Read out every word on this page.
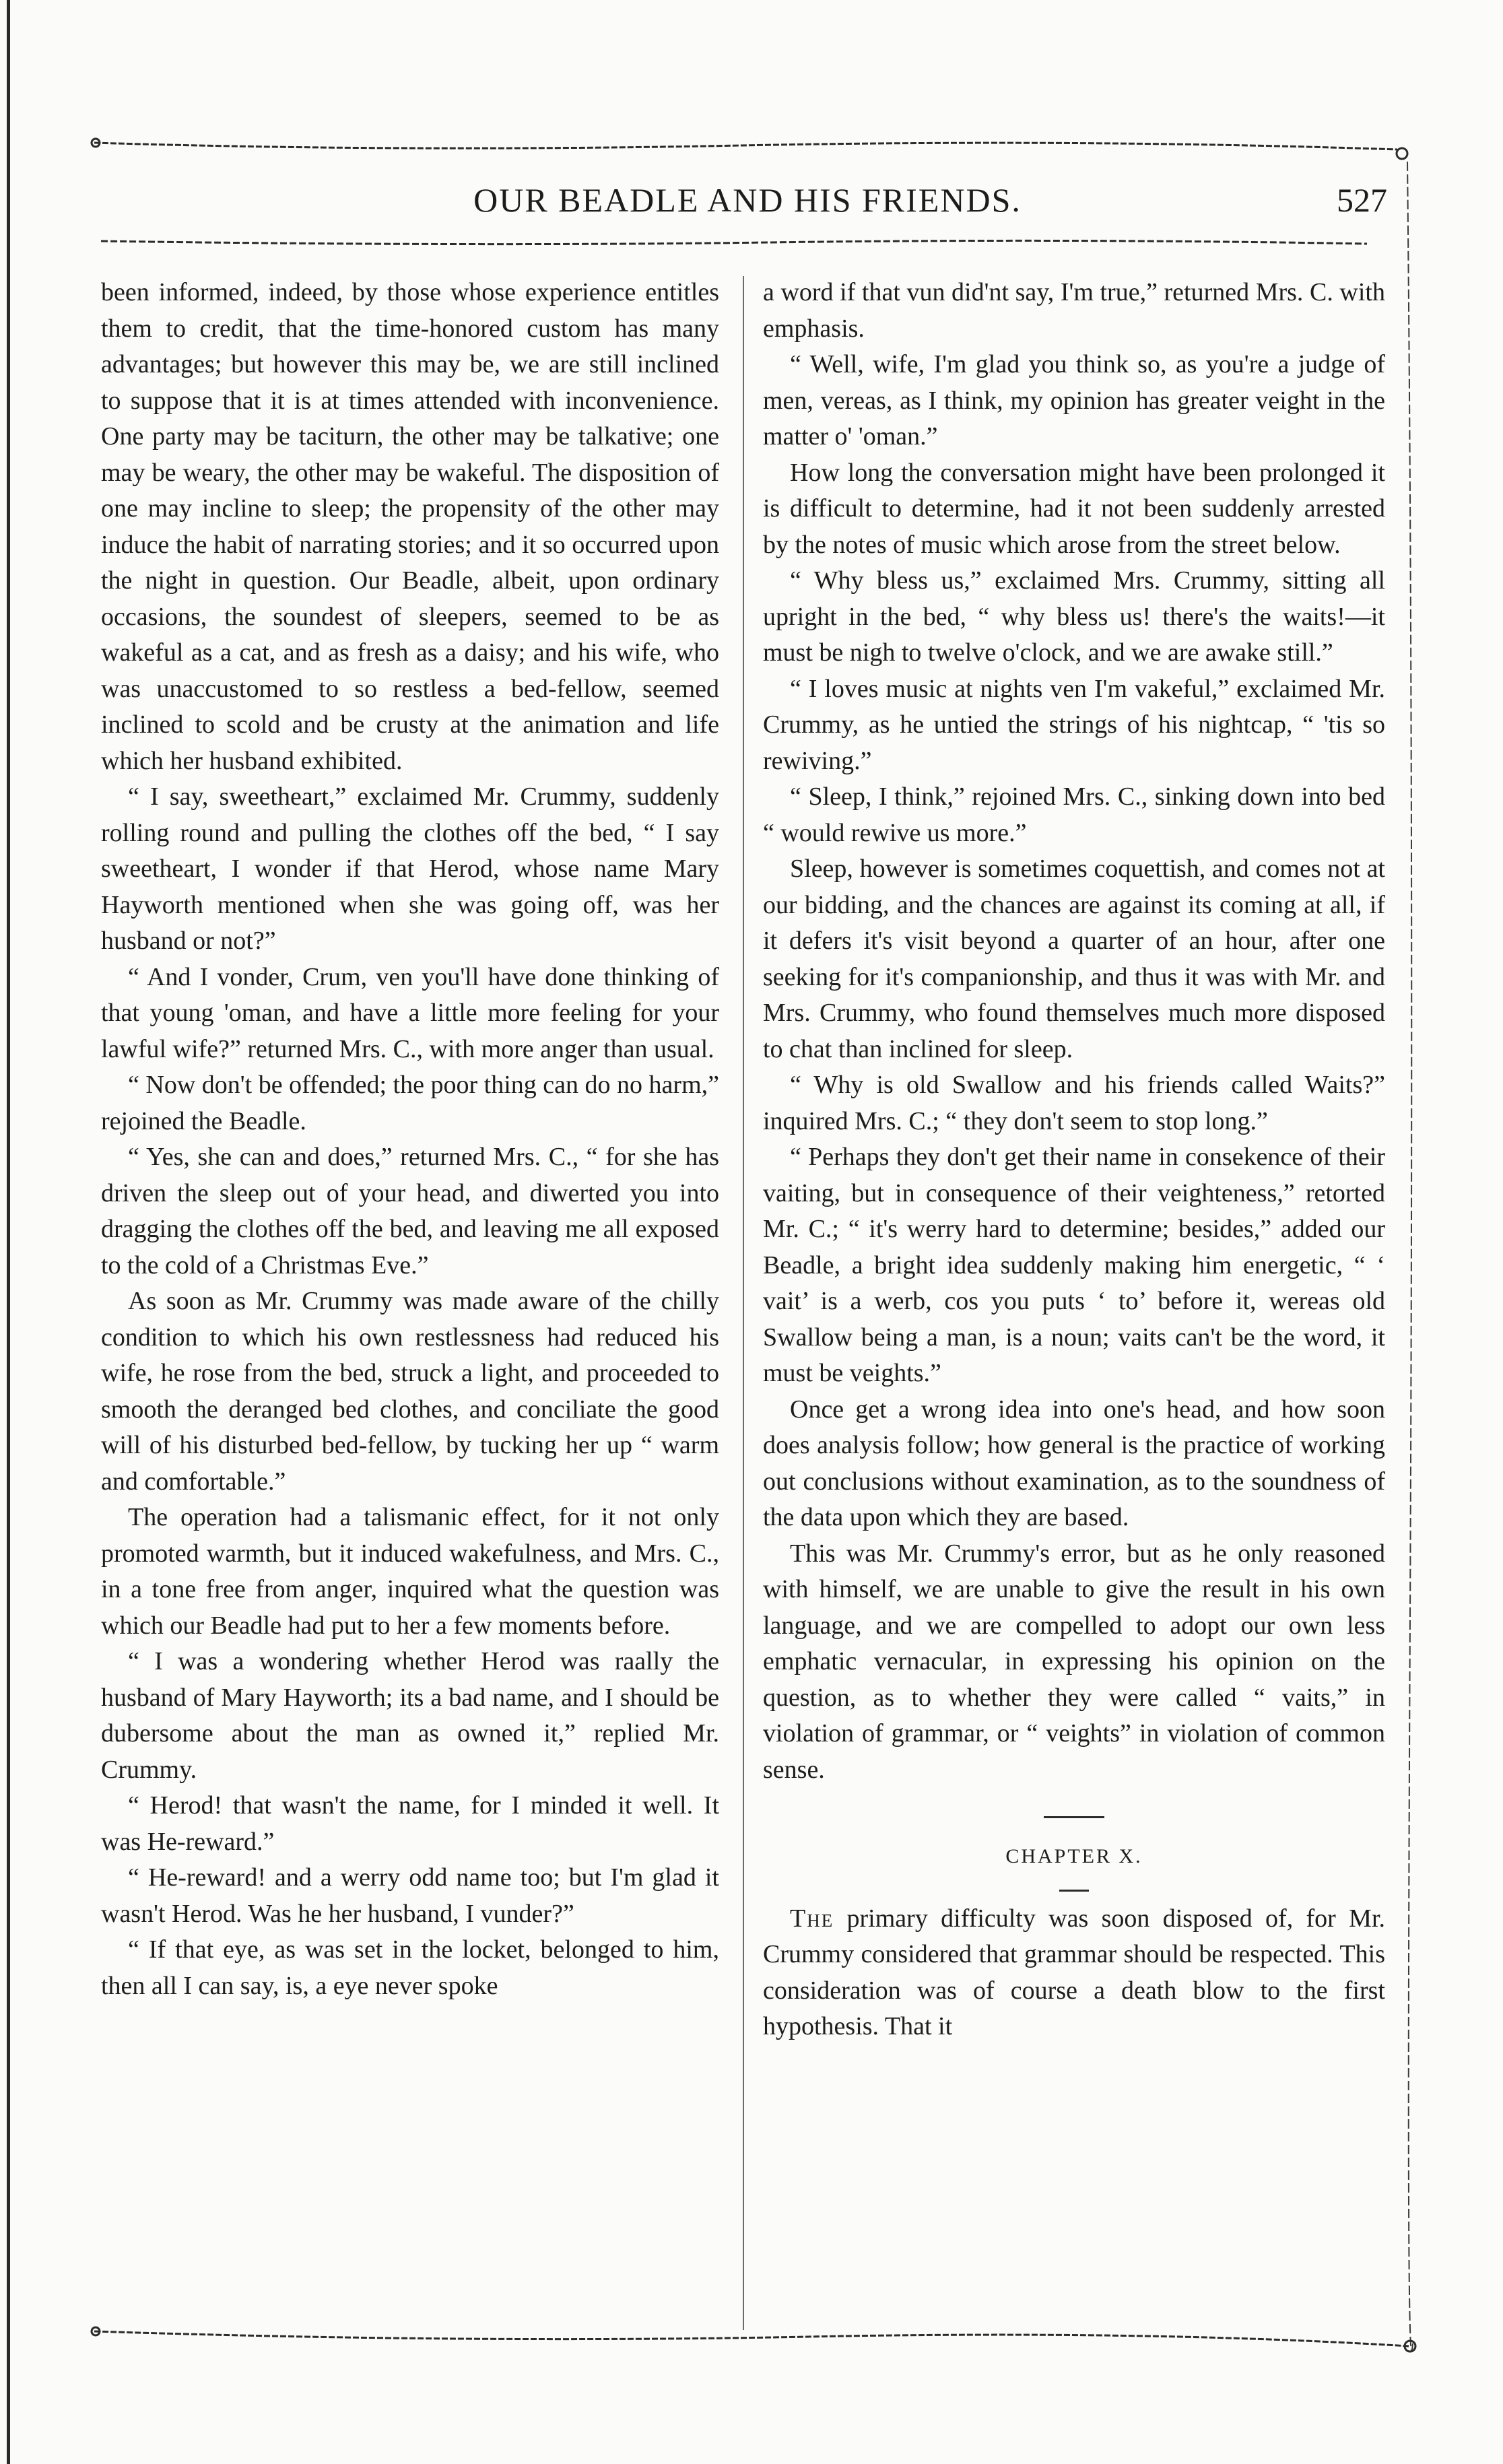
OUR BEADLE AND HIS FRIENDS.	527

been informed, indeed, by those whose experience entitles them to credit, that the time-honored custom has many advantages; but however this may be, we are still inclined to suppose that it is at times attended with inconvenience. One party may be taciturn, the other may be talkative; one may be weary, the other may be wakeful. The disposition of one may incline to sleep; the propensity of the other may induce the habit of narrating stories; and it so occurred upon the night in question. Our Beadle, albeit, upon ordinary occasions, the soundest of sleepers, seemed to be as wakeful as a cat, and as fresh as a daisy; and his wife, who was unaccustomed to so restless a bed-fellow, seemed inclined to scold and be crusty at the animation and life which her husband exhibited.

“ I say, sweetheart,” exclaimed Mr. Crummy, suddenly rolling round and pulling the clothes off the bed, “ I say sweetheart, I wonder if that Herod, whose name Mary Hayworth mentioned when she was going off, was her husband or not?”

“ And I vonder, Crum, ven you'll have done thinking of that young 'oman, and have a little more feeling for your lawful wife?” returned Mrs. C., with more anger than usual.

“ Now don't be offended; the poor thing can do no harm,” rejoined the Beadle.

“ Yes, she can and does,” returned Mrs. C., “ for she has driven the sleep out of your head, and diwerted you into dragging the clothes off the bed, and leaving me all exposed to the cold of a Christmas Eve.”

As soon as Mr. Crummy was made aware of the chilly condition to which his own restlessness had reduced his wife, he rose from the bed, struck a light, and proceeded to smooth the deranged bed clothes, and conciliate the good will of his disturbed bed-fellow, by tucking her up “ warm and comfortable.”

The operation had a talismanic effect, for it not only promoted warmth, but it induced wakefulness, and Mrs. C., in a tone free from anger, inquired what the question was which our Beadle had put to her a few moments before.

“ I was a wondering whether Herod was raally the husband of Mary Hayworth; its a bad name, and I should be dubersome about the man as owned it,” replied Mr. Crummy.

“ Herod! that wasn't the name, for I minded it well. It was He-reward.”

“ He-reward! and a werry odd name too; but I'm glad it wasn't Herod. Was he her husband, I vunder?”

“ If that eye, as was set in the locket, belonged to him, then all I can say, is, a eye never spoke

a word if that vun did'nt say, I'm true,” returned Mrs. C. with emphasis.

“ Well, wife, I'm glad you think so, as you're a judge of men, vereas, as I think, my opinion has greater veight in the matter o' 'oman.”

How long the conversation might have been prolonged it is difficult to determine, had it not been suddenly arrested by the notes of music which arose from the street below.

“ Why bless us,” exclaimed Mrs. Crummy, sitting all upright in the bed, “ why bless us! there's the waits!—it must be nigh to twelve o'clock, and we are awake still.”

“ I loves music at nights ven I'm vakeful,” exclaimed Mr. Crummy, as he untied the strings of his nightcap, “ 'tis so rewiving.”

“ Sleep, I think,” rejoined Mrs. C., sinking down into bed “ would rewive us more.”

Sleep, however is sometimes coquettish, and comes not at our bidding, and the chances are against its coming at all, if it defers it's visit beyond a quarter of an hour, after one seeking for it's companionship, and thus it was with Mr. and Mrs. Crummy, who found themselves much more disposed to chat than inclined for sleep.

“ Why is old Swallow and his friends called Waits?” inquired Mrs. C.; “ they don't seem to stop long.”

“ Perhaps they don't get their name in consekence of their vaiting, but in consequence of their veighteness,” retorted Mr. C.; “ it's werry hard to determine; besides,” added our Beadle, a bright idea suddenly making him energetic, “ ‘ vait’ is a werb, cos you puts ‘ to’ before it, wereas old Swallow being a man, is a noun; vaits can't be the word, it must be veights.”

Once get a wrong idea into one's head, and how soon does analysis follow; how general is the practice of working out conclusions without examination, as to the soundness of the data upon which they are based.

This was Mr. Crummy's error, but as he only reasoned with himself, we are unable to give the result in his own language, and we are compelled to adopt our own less emphatic vernacular, in expressing his opinion on the question, as to whether they were called “ vaits,” in violation of grammar, or “ veights” in violation of common sense.

CHAPTER X.

The primary difficulty was soon disposed of, for Mr. Crummy considered that grammar should be respected. This consideration was of course a death blow to the first hypothesis. That it
